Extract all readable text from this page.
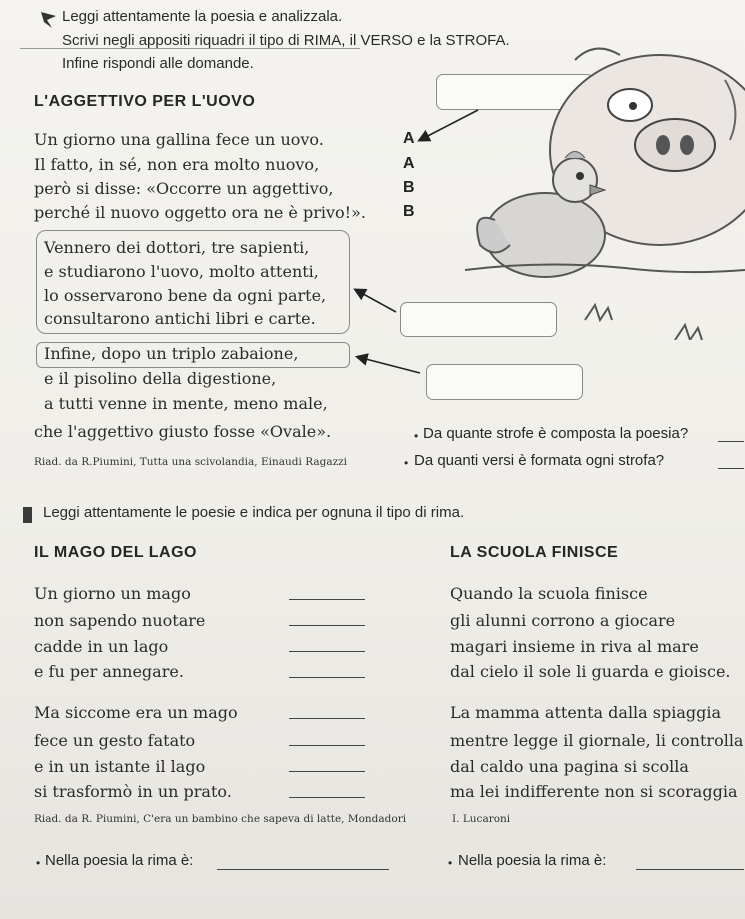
Leggi attentamente la poesia e analizzala.
Scrivi negli appositi riquadri il tipo di RIMA, il VERSO e la STROFA.
Infine rispondi alle domande.
L'AGGETTIVO PER L'UOVO
Un giorno una gallina fece un uovo.
Il fatto, in sé, non era molto nuovo,
però si disse: «Occorre un aggettivo,
perché il nuovo oggetto ora ne è privo!».
A
A
B
B
Vennero dei dottori, tre sapienti,
e studiarono l'uovo, molto attenti,
lo osservarono bene da ogni parte,
consultarono antichi libri e carte.
Infine, dopo un triplo zabaione,
e il pisolino della digestione,
a tutti venne in mente, meno male,
che l'aggettivo giusto fosse «Ovale».	• Da quante strofe è composta la poesia?
Riad. da R.Piumini, Tutta una scivolandia, Einaudi Ragazzi	• Da quanti versi è formata ogni strofa?
Leggi attentamente le poesie e indica per ognuna il tipo di rima.
IL MAGO DEL LAGO	LA SCUOLA FINISCE
Un giorno un mago
non sapendo nuotare
cadde in un lago
e fu per annegare.
Ma siccome era un mago
fece un gesto fatato
e in un istante il lago
si trasformò in un prato.
Quando la scuola finisce
gli alunni corrono a giocare
magari insieme in riva al mare
dal cielo il sole li guarda e gioisce.
La mamma attenta dalla spiaggia
mentre legge il giornale, li controlla
dal caldo una pagina si scolla
ma lei indifferente non si scoraggia
Riad. da R. Piumini, C'era un bambino che sapeva di latte, Mondadori	I. Lucaroni
• Nella poesia la rima è:	• Nella poesia la rima è:
